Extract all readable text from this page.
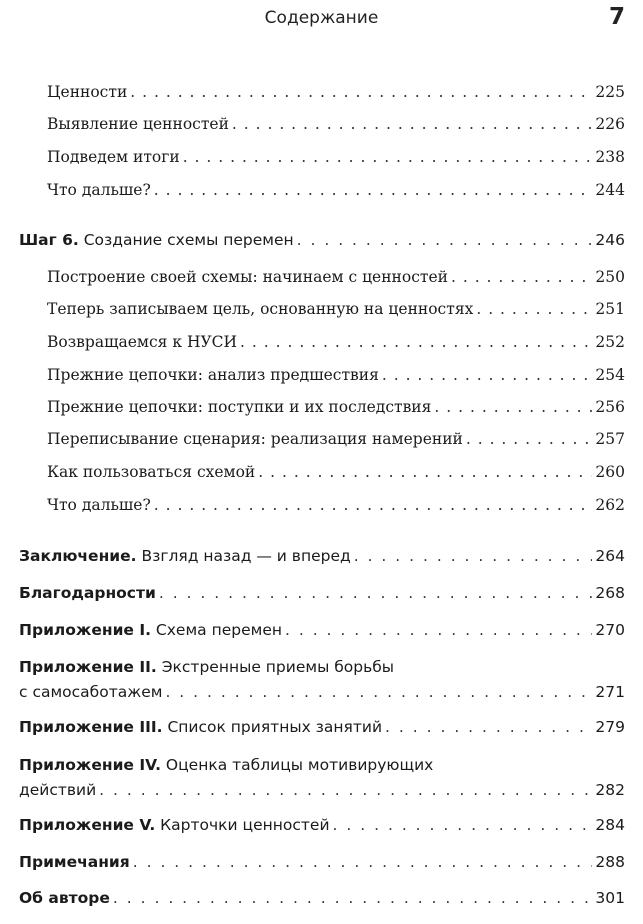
Содержание	7
Ценности . . .	225
Выявление ценностей . . .	226
Подведем итоги . . .	238
Что дальше? . . .	244
Шаг 6. Создание схемы перемен . . .	246
Построение своей схемы: начинаем с ценностей . . .	250
Теперь записываем цель, основанную на ценностях . . .	251
Возвращаемся к НУСИ . . .	252
Прежние цепочки: анализ предшествия . . .	254
Прежние цепочки: поступки и их последствия . . .	256
Переписывание сценария: реализация намерений . . .	257
Как пользоваться схемой . . .	260
Что дальше? . . .	262
Заключение. Взгляд назад — и вперед . . .	264
Благодарности . . .	268
Приложение I. Схема перемен . . .	270
Приложение II. Экстренные приемы борьбы
с самосаботажем . . .	271
Приложение III. Список приятных занятий . . .	279
Приложение IV. Оценка таблицы мотивирующих
действий . . .	282
Приложение V. Карточки ценностей . . .	284
Примечания . . .	288
Об авторе . . .	301
